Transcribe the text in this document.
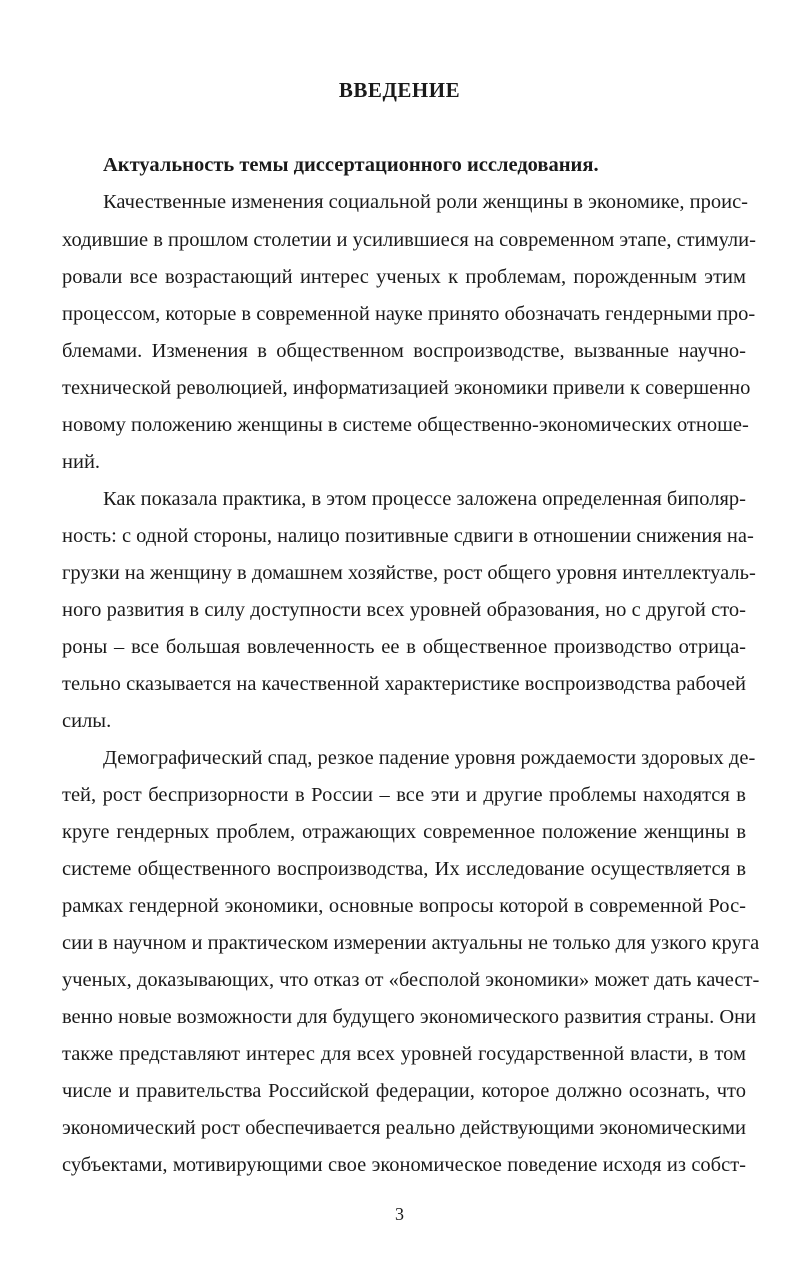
ВВЕДЕНИЕ

Актуальность темы диссертационного исследования.

Качественные изменения социальной роли женщины в экономике, проис-

ходившие в прошлом столетии и усилившиеся на современном этапе, стимули-

ровали все возрастающий интерес ученых к проблемам, порожденным этим

процессом, которые в современной науке принято обозначать гендерными про-

блемами. Изменения в общественном воспроизводстве, вызванные научно-

технической революцией, информатизацией экономики привели к совершенно

новому положению женщины в системе общественно-экономических отноше-

ний.

Как показала практика, в этом процессе заложена определенная биполяр-

ность: с одной стороны, налицо позитивные сдвиги в отношении снижения на-

грузки на женщину в домашнем хозяйстве, рост общего уровня интеллектуаль-

ного развития в силу доступности всех уровней образования, но с другой сто-

роны – все большая вовлеченность ее в общественное производство отрица-

тельно сказывается на качественной характеристике воспроизводства рабочей

силы.

Демографический спад, резкое падение уровня рождаемости здоровых де-

тей, рост беспризорности в России – все эти и другие проблемы находятся в

круге гендерных проблем, отражающих современное положение женщины в

системе общественного воспроизводства, Их исследование осуществляется в

рамках гендерной экономики, основные вопросы которой в современной Рос-

сии в научном и практическом измерении актуальны не только для узкого круга

ученых, доказывающих, что отказ от «бесполой экономики» может дать качест-

венно новые возможности для будущего экономического развития страны. Они

также представляют интерес для всех уровней государственной власти, в том

числе и правительства Российской федерации, которое должно осознать, что

экономический рост обеспечивается реально действующими экономическими

субъектами, мотивирующими свое экономическое поведение исходя из собст-

3
